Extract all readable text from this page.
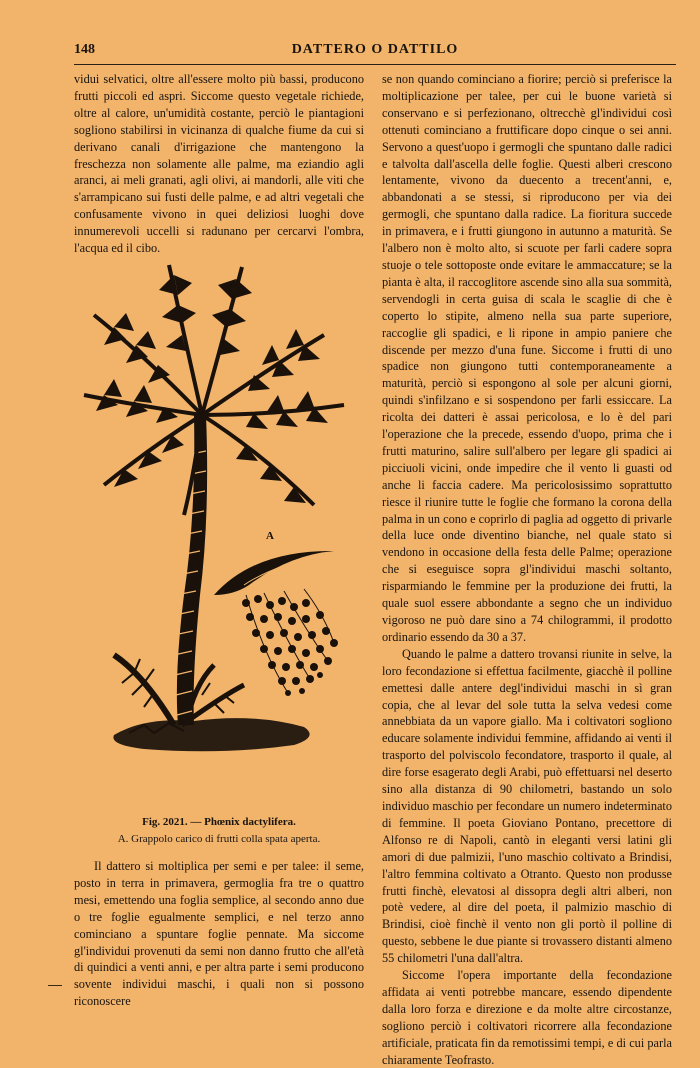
148	DATTERO O DATTILO

vidui selvatici, oltre all'essere molto più bassi, producono frutti piccoli ed aspri. Siccome questo vegetale richiede, oltre al calore, un'umidità costante, perciò le piantagioni sogliono stabilirsi in vicinanza di qualche fiume da cui si derivano canali d'irrigazione che mantengono la freschezza non solamente alle palme, ma eziandio agli aranci, ai meli granati, agli olivi, ai mandorli, alle viti che s'arrampicano sui fusti delle palme, e ad altri vegetali che confusamente vivono in quei deliziosi luoghi dove innumerevoli uccelli si radunano per cercarvi l'ombra, l'acqua ed il cibo.

A
Fig. 2021. — Phœnix dactylifera.
A. Grappolo carico di frutti colla spata aperta.

Il dattero si moltiplica per semi e per talee: il seme, posto in terra in primavera, germoglia fra tre o quattro mesi, emettendo una foglia semplice, al secondo anno due o tre foglie egualmente semplici, e nel terzo anno cominciano a spuntare foglie pennate. Ma siccome gl'individui provenuti da semi non danno frutto che all'età di quindici a venti anni, e per altra parte i semi producono sovente individui maschi, i quali non si possono riconoscere

se non quando cominciano a fiorire; perciò si preferisce la moltiplicazione per talee, per cui le buone varietà si conservano e si perfezionano, oltrecchè gl'individui così ottenuti cominciano a fruttificare dopo cinque o sei anni. Servono a quest'uopo i germogli che spuntano dalle radici e talvolta dall'ascella delle foglie. Questi alberi crescono lentamente, vivono da duecento a trecent'anni, e, abbandonati a se stessi, si riproducono per via dei germogli, che spuntano dalla radice. La fioritura succede in primavera, e i frutti giungono in autunno a maturità. Se l'albero non è molto alto, si scuote per farli cadere sopra stuoje o tele sottoposte onde evitare le ammaccature; se la pianta è alta, il raccoglitore ascende sino alla sua sommità, servendogli in certa guisa di scala le scaglie di che è coperto lo stipite, almeno nella sua parte superiore, raccoglie gli spadici, e li ripone in ampio paniere che discende per mezzo d'una fune. Siccome i frutti di uno spadice non giungono tutti contemporaneamente a maturità, perciò si espongono al sole per alcuni giorni, quindi s'infilzano e si sospendono per farli essiccare. La ricolta dei datteri è assai pericolosa, e lo è del pari l'operazione che la precede, essendo d'uopo, prima che i frutti maturino, salire sull'albero per legare gli spadici ai picciuoli vicini, onde impedire che il vento li guasti od anche li faccia cadere. Ma pericolosissimo soprattutto riesce il riunire tutte le foglie che formano la corona della palma in un cono e coprirlo di paglia ad oggetto di privarle della luce onde diventino bianche, nel quale stato si vendono in occasione della festa delle Palme; operazione che si eseguisce sopra gl'individui maschi soltanto, risparmiando le femmine per la produzione dei frutti, la quale suol essere abbondante a segno che un individuo vigoroso ne può dare sino a 74 chilogrammi, il prodotto ordinario essendo da 30 a 37.

Quando le palme a dattero trovansi riunite in selve, la loro fecondazione si effettua facilmente, giacchè il polline emettesi dalle antere degl'individui maschi in sì gran copia, che al levar del sole tutta la selva vedesi come annebbiata da un vapore giallo. Ma i coltivatori sogliono educare solamente individui femmine, affidando ai venti il trasporto del polviscolo fecondatore, trasporto il quale, al dire forse esagerato degli Arabi, può effettuarsi nel deserto sino alla distanza di 90 chilometri, bastando un solo individuo maschio per fecondare un numero indeterminato di femmine. Il poeta Gioviano Pontano, precettore di Alfonso re di Napoli, cantò in eleganti versi latini gli amori di due palmizii, l'uno maschio coltivato a Brindisi, l'altro femmina coltivato a Otranto. Questo non produsse frutti finchè, elevatosi al dissopra degli altri alberi, non potè vedere, al dire del poeta, il palmizio maschio di Brindisi, cioè finchè il vento non gli portò il polline di questo, sebbene le due piante si trovassero distanti almeno 55 chilometri l'una dall'altra.

Siccome l'opera importante della fecondazione affidata ai venti potrebbe mancare, essendo dipendente dalla loro forza e direzione e da molte altre circostanze, sogliono perciò i coltivatori ricorrere alla fecondazione artificiale, praticata fin da remotissimi tempi, e di cui parla chiaramente Teofrasto.
